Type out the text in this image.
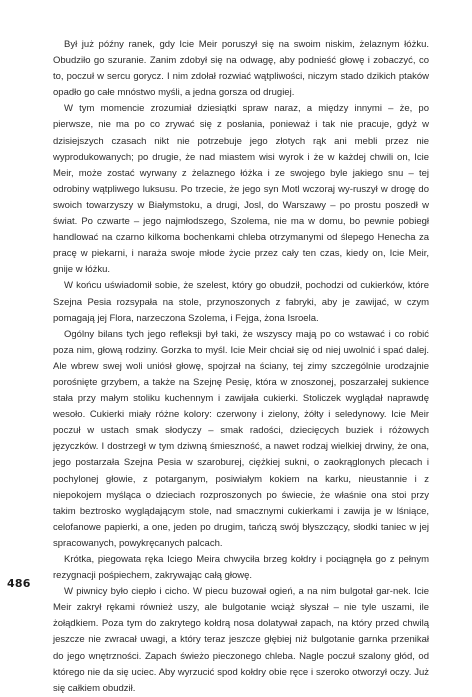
Był już późny ranek, gdy Icie Meir poruszył się na swoim niskim, żelaznym łóżku. Obudziło go szuranie. Zanim zdobył się na odwagę, aby podnieść głowę i zobaczyć, co to, poczuł w sercu gorycz. I nim zdołał rozwiać wątpliwości, niczym stado dzikich ptaków opadło go całe mnóstwo myśli, a jedna gorsza od drugiej.

W tym momencie zrozumiał dziesiątki spraw naraz, a między innymi – że, po pierwsze, nie ma po co zrywać się z posłania, ponieważ i tak nie pracuje, gdyż w dzisiejszych czasach nikt nie potrzebuje jego złotych rąk ani mebli przez nie wyprodukowanych; po drugie, że nad miastem wisi wyrok i że w każdej chwili on, Icie Meir, może zostać wyrwany z żelaznego łóżka i ze swojego byle jakiego snu – tej odrobiny wątpliwego luksusu. Po trzecie, że jego syn Motl wczoraj wy-ruszył w drogę do swoich towarzyszy w Białymstoku, a drugi, Josl, do Warszawy – po prostu poszedł w świat. Po czwarte – jego najmłodszego, Szolema, nie ma w domu, bo pewnie pobiegł handlować na czarno kilkoma bochenkami chleba otrzymanymi od ślepego Henecha za pracę w piekarni, i naraża swoje młode życie przez cały ten czas, kiedy on, Icie Meir, gnije w łóżku.

W końcu uświadomił sobie, że szelest, który go obudził, pochodzi od cukierków, które Szejna Pesia rozsypała na stole, przynoszonych z fabryki, aby je zawijać, w czym pomagają jej Flora, narzeczona Szolema, i Fejga, żona Isroela.

Ogólny bilans tych jego refleksji był taki, że wszyscy mają po co wstawać i co robić poza nim, głową rodziny. Gorzka to myśl. Icie Meir chciał się od niej uwolnić i spać dalej. Ale wbrew swej woli uniósł głowę, spojrzał na ściany, tej zimy szczególnie urodzajnie porośnięte grzybem, a także na Szejnę Pesię, która w znoszonej, poszarzałej sukience stała przy małym stoliku kuchennym i zawijała cukierki. Stoliczek wyglądał naprawdę wesoło. Cukierki miały różne kolory: czerwony i zielony, żółty i seledynowy. Icie Meir poczuł w ustach smak słodyczy – smak radości, dziecięcych buziek i różowych języczków. I dostrzegł w tym dziwną śmieszność, a nawet rodzaj wielkiej drwiny, że ona, jego postarzała Szejna Pesia w szaroburej, ciężkiej sukni, o zaokrąglonych plecach i pochylonej głowie, z potarganym, posiwiałym kokiem na karku, nieustannie i z niepokojem myśląca o dzieciach rozproszonych po świecie, że właśnie ona stoi przy takim beztrosko wyglądającym stole, nad smacznymi cukierkami i zawija je w lśniące, celofanowe papierki, a one, jeden po drugim, tańczą swój błyszczący, słodki taniec w jej spracowanych, powykręcanych palcach.

Krótka, piegowata ręka Iciego Meira chwyciła brzeg kołdry i pociągnęła go z pełnym rezygnacji pośpiechem, zakrywając całą głowę.

W piwnicy było ciepło i cicho. W piecu buzował ogień, a na nim bulgotał gar-nek. Icie Meir zakrył rękami również uszy, ale bulgotanie wciąż słyszał – nie tyle uszami, ile żołądkiem. Poza tym do zakrytego kołdrą nosa dolatywał zapach, na który przed chwilą jeszcze nie zwracał uwagi, a który teraz jeszcze głębiej niż bulgotanie garnka przenikał do jego wnętrzności. Zapach świeżo pieczonego chleba. Nagle poczuł szalony głód, od którego nie da się uciec. Aby wyrzucić spod kołdry obie ręce i szeroko otworzył oczy. Już się całkiem obudził.

486
